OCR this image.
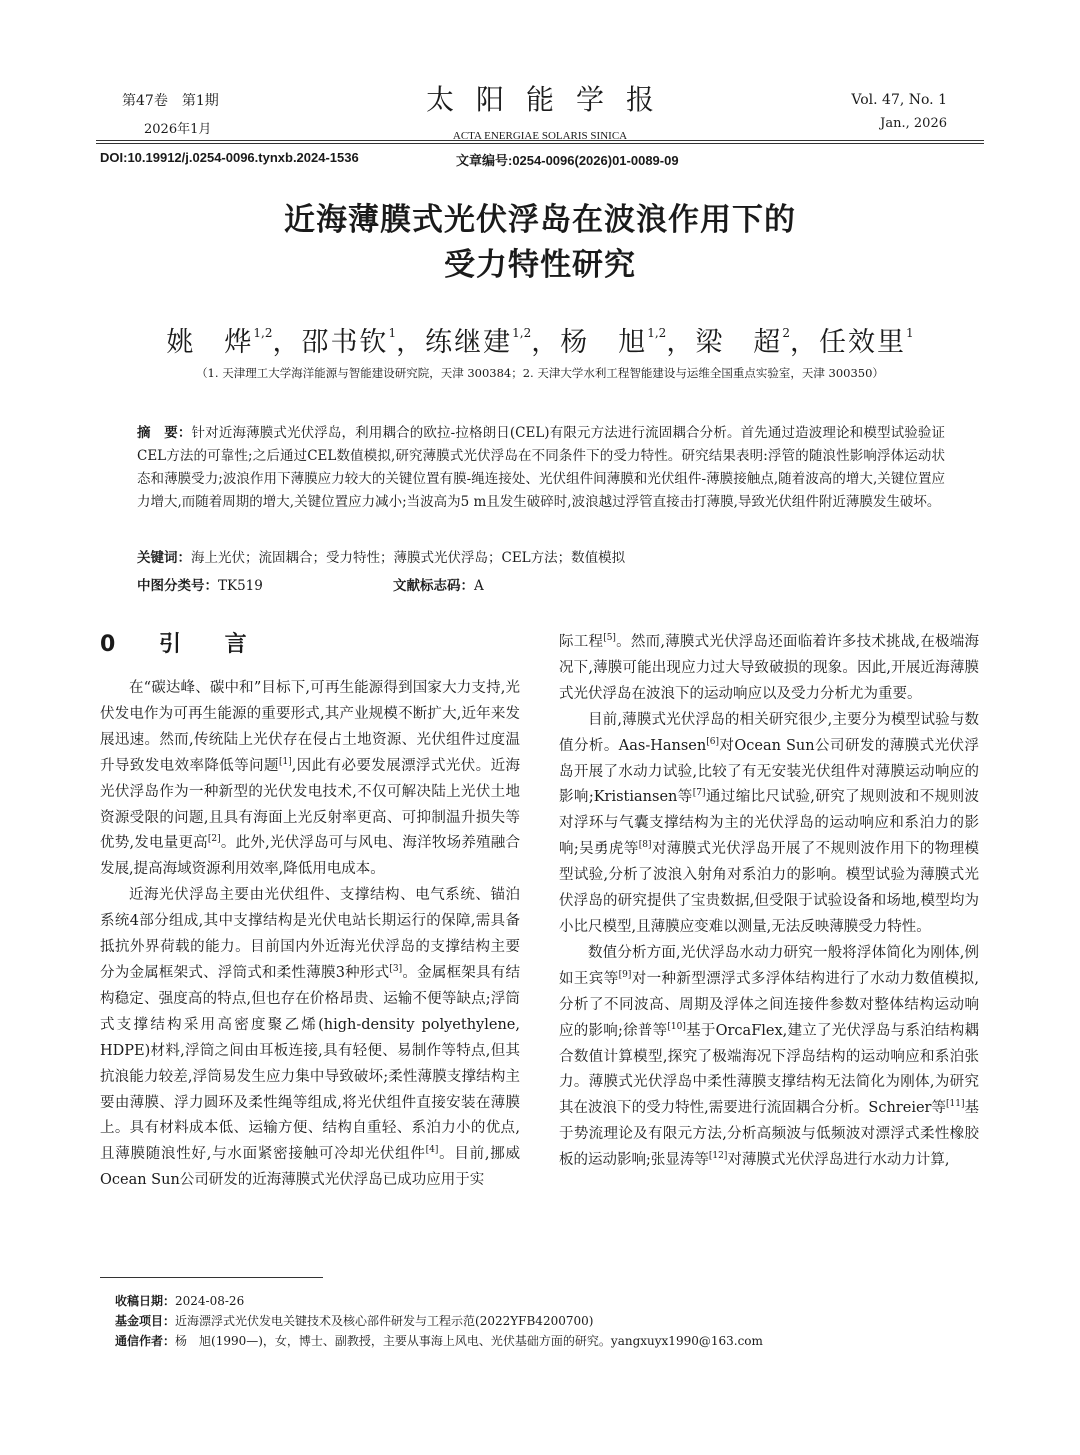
第47卷　第1期
2026年1月
太阳能学报
ACTA ENERGIAE SOLARIS SINICA
Vol. 47, No. 1
Jan., 2026
DOI:10.19912/j.0254-0096.tynxb.2024-1536	文章编号:0254-0096(2026)01-0089-09
近海薄膜式光伏浮岛在波浪作用下的
受力特性研究
姚　烨$^{1,2}$，邵书钦$^1$，练继建$^{1,2}$，杨　旭$^{1,2}$，梁　超$^2$，任效里$^1$
（1. 天津理工大学海洋能源与智能建设研究院，天津 300384；2. 天津大学水利工程智能建设与运维全国重点实验室，天津 300350）
摘　要：针对近海薄膜式光伏浮岛，利用耦合的欧拉-拉格朗日(CEL)有限元方法进行流固耦合分析。首先通过造波理论和模型试验验证CEL方法的可靠性;之后通过CEL数值模拟,研究薄膜式光伏浮岛在不同条件下的受力特性。研究结果表明:浮管的随浪性影响浮体运动状态和薄膜受力;波浪作用下薄膜应力较大的关键位置有膜-绳连接处、光伏组件间薄膜和光伏组件-薄膜接触点,随着波高的增大,关键位置应力增大,而随着周期的增大,关键位置应力减小;当波高为5 m且发生破碎时,波浪越过浮管直接击打薄膜,导致光伏组件附近薄膜发生破坏。
关键词：海上光伏；流固耦合；受力特性；薄膜式光伏浮岛；CEL方法；数值模拟
中图分类号：TK519	文献标志码：A
0 引 言

在“碳达峰、碳中和”目标下,可再生能源得到国家大力支持,光伏发电作为可再生能源的重要形式,其产业规模不断扩大,近年来发展迅速。然而,传统陆上光伏存在侵占土地资源、光伏组件过度温升导致发电效率降低等问题[1],因此有必要发展漂浮式光伏。近海光伏浮岛作为一种新型的光伏发电技术,不仅可解决陆上光伏土地资源受限的问题,且具有海面上光反射率更高、可抑制温升损失等优势,发电量更高[2]。此外,光伏浮岛可与风电、海洋牧场养殖融合发展,提高海域资源利用效率,降低用电成本。

近海光伏浮岛主要由光伏组件、支撑结构、电气系统、锚泊系统4部分组成,其中支撑结构是光伏电站长期运行的保障,需具备抵抗外界荷载的能力。目前国内外近海光伏浮岛的支撑结构主要分为金属框架式、浮筒式和柔性薄膜3种形式[3]。金属框架具有结构稳定、强度高的特点,但也存在价格昂贵、运输不便等缺点;浮筒式支撑结构采用高密度聚乙烯(high-density polyethylene, HDPE)材料,浮筒之间由耳板连接,具有轻便、易制作等特点,但其抗浪能力较差,浮筒易发生应力集中导致破坏;柔性薄膜支撑结构主要由薄膜、浮力圆环及柔性绳等组成,将光伏组件直接安装在薄膜上。具有材料成本低、运输方便、结构自重轻、系泊力小的优点,且薄膜随浪性好,与水面紧密接触可冷却光伏组件[4]。目前,挪威Ocean Sun公司研发的近海薄膜式光伏浮岛已成功应用于实

际工程[5]。然而,薄膜式光伏浮岛还面临着许多技术挑战,在极端海况下,薄膜可能出现应力过大导致破损的现象。因此,开展近海薄膜式光伏浮岛在波浪下的运动响应以及受力分析尤为重要。

目前,薄膜式光伏浮岛的相关研究很少,主要分为模型试验与数值分析。Aas-Hansen[6]对Ocean Sun公司研发的薄膜式光伏浮岛开展了水动力试验,比较了有无安装光伏组件对薄膜运动响应的影响;Kristiansen等[7]通过缩比尺试验,研究了规则波和不规则波对浮环与气囊支撑结构为主的光伏浮岛的运动响应和系泊力的影响;吴勇虎等[8]对薄膜式光伏浮岛开展了不规则波作用下的物理模型试验,分析了波浪入射角对系泊力的影响。模型试验为薄膜式光伏浮岛的研究提供了宝贵数据,但受限于试验设备和场地,模型均为小比尺模型,且薄膜应变难以测量,无法反映薄膜受力特性。

数值分析方面,光伏浮岛水动力研究一般将浮体简化为刚体,例如王宾等[9]对一种新型漂浮式多浮体结构进行了水动力数值模拟,分析了不同波高、周期及浮体之间连接件参数对整体结构运动响应的影响;徐普等[10]基于OrcaFlex,建立了光伏浮岛与系泊结构耦合数值计算模型,探究了极端海况下浮岛结构的运动响应和系泊张力。薄膜式光伏浮岛中柔性薄膜支撑结构无法简化为刚体,为研究其在波浪下的受力特性,需要进行流固耦合分析。Schreier等[11]基于势流理论及有限元方法,分析高频波与低频波对漂浮式柔性橡胶板的运动影响;张显涛等[12]对薄膜式光伏浮岛进行水动力计算,

收稿日期：2024-08-26
基金项目：近海漂浮式光伏发电关键技术及核心部件研发与工程示范(2022YFB4200700)
通信作者：杨　旭(1990—)，女，博士、副教授，主要从事海上风电、光伏基础方面的研究。yangxuyx1990@163.com
